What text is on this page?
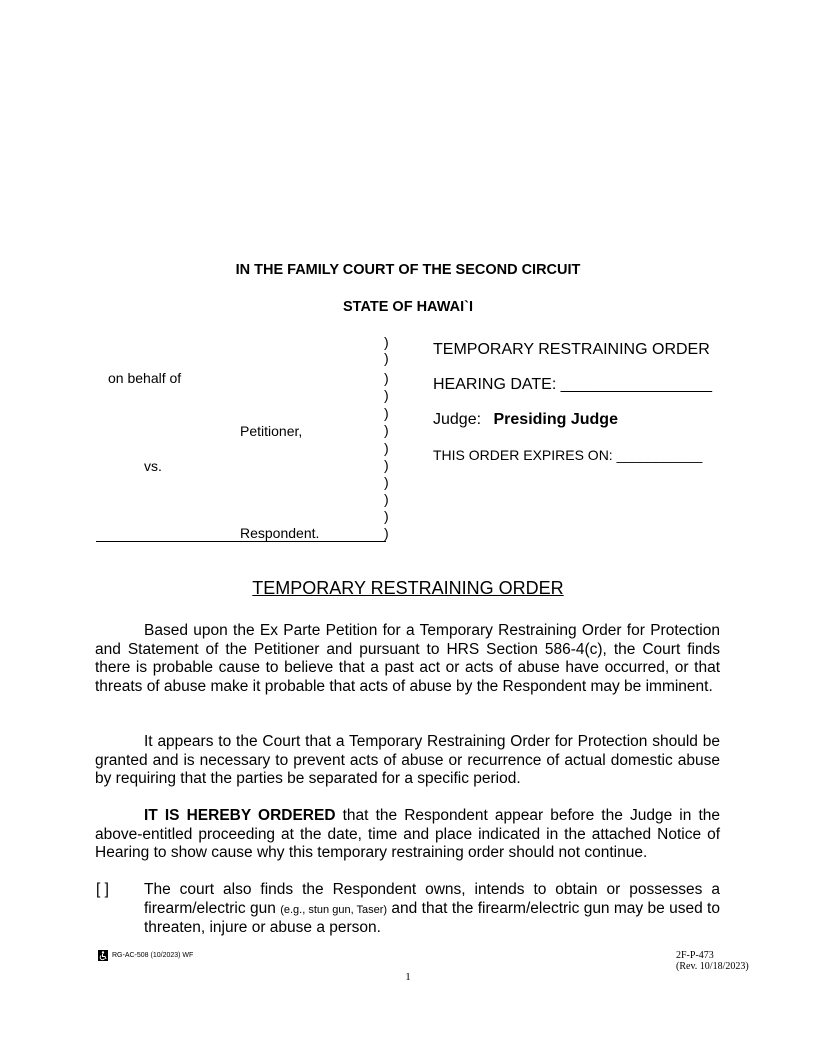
IN THE FAMILY COURT OF THE SECOND CIRCUIT
STATE OF HAWAI`I
on behalf of
Petitioner,
vs.
Respondent.
)
)
)
)
)
)
)
)
)
)
)
)
TEMPORARY RESTRAINING ORDER
HEARING DATE: _________________
Judge: Presiding Judge
THIS ORDER EXPIRES ON: ___________
TEMPORARY RESTRAINING ORDER
Based upon the Ex Parte Petition for a Temporary Restraining Order for Protection and Statement of the Petitioner and pursuant to HRS Section 586-4(c), the Court finds there is probable cause to believe that a past act or acts of abuse have occurred, or that threats of abuse make it probable that acts of abuse by the Respondent may be imminent.
It appears to the Court that a Temporary Restraining Order for Protection should be granted and is necessary to prevent acts of abuse or recurrence of actual domestic abuse by requiring that the parties be separated for a specific period.
IT IS HEREBY ORDERED that the Respondent appear before the Judge in the above-entitled proceeding at the date, time and place indicated in the attached Notice of Hearing to show cause why this temporary restraining order should not continue.
[ ] The court also finds the Respondent owns, intends to obtain or possesses a firearm/electric gun (e.g., stun gun, Taser) and that the firearm/electric gun may be used to threaten, injure or abuse a person.
RG-AC-508 (10/2023) WF	2F-P-473
(Rev. 10/18/2023)
1
